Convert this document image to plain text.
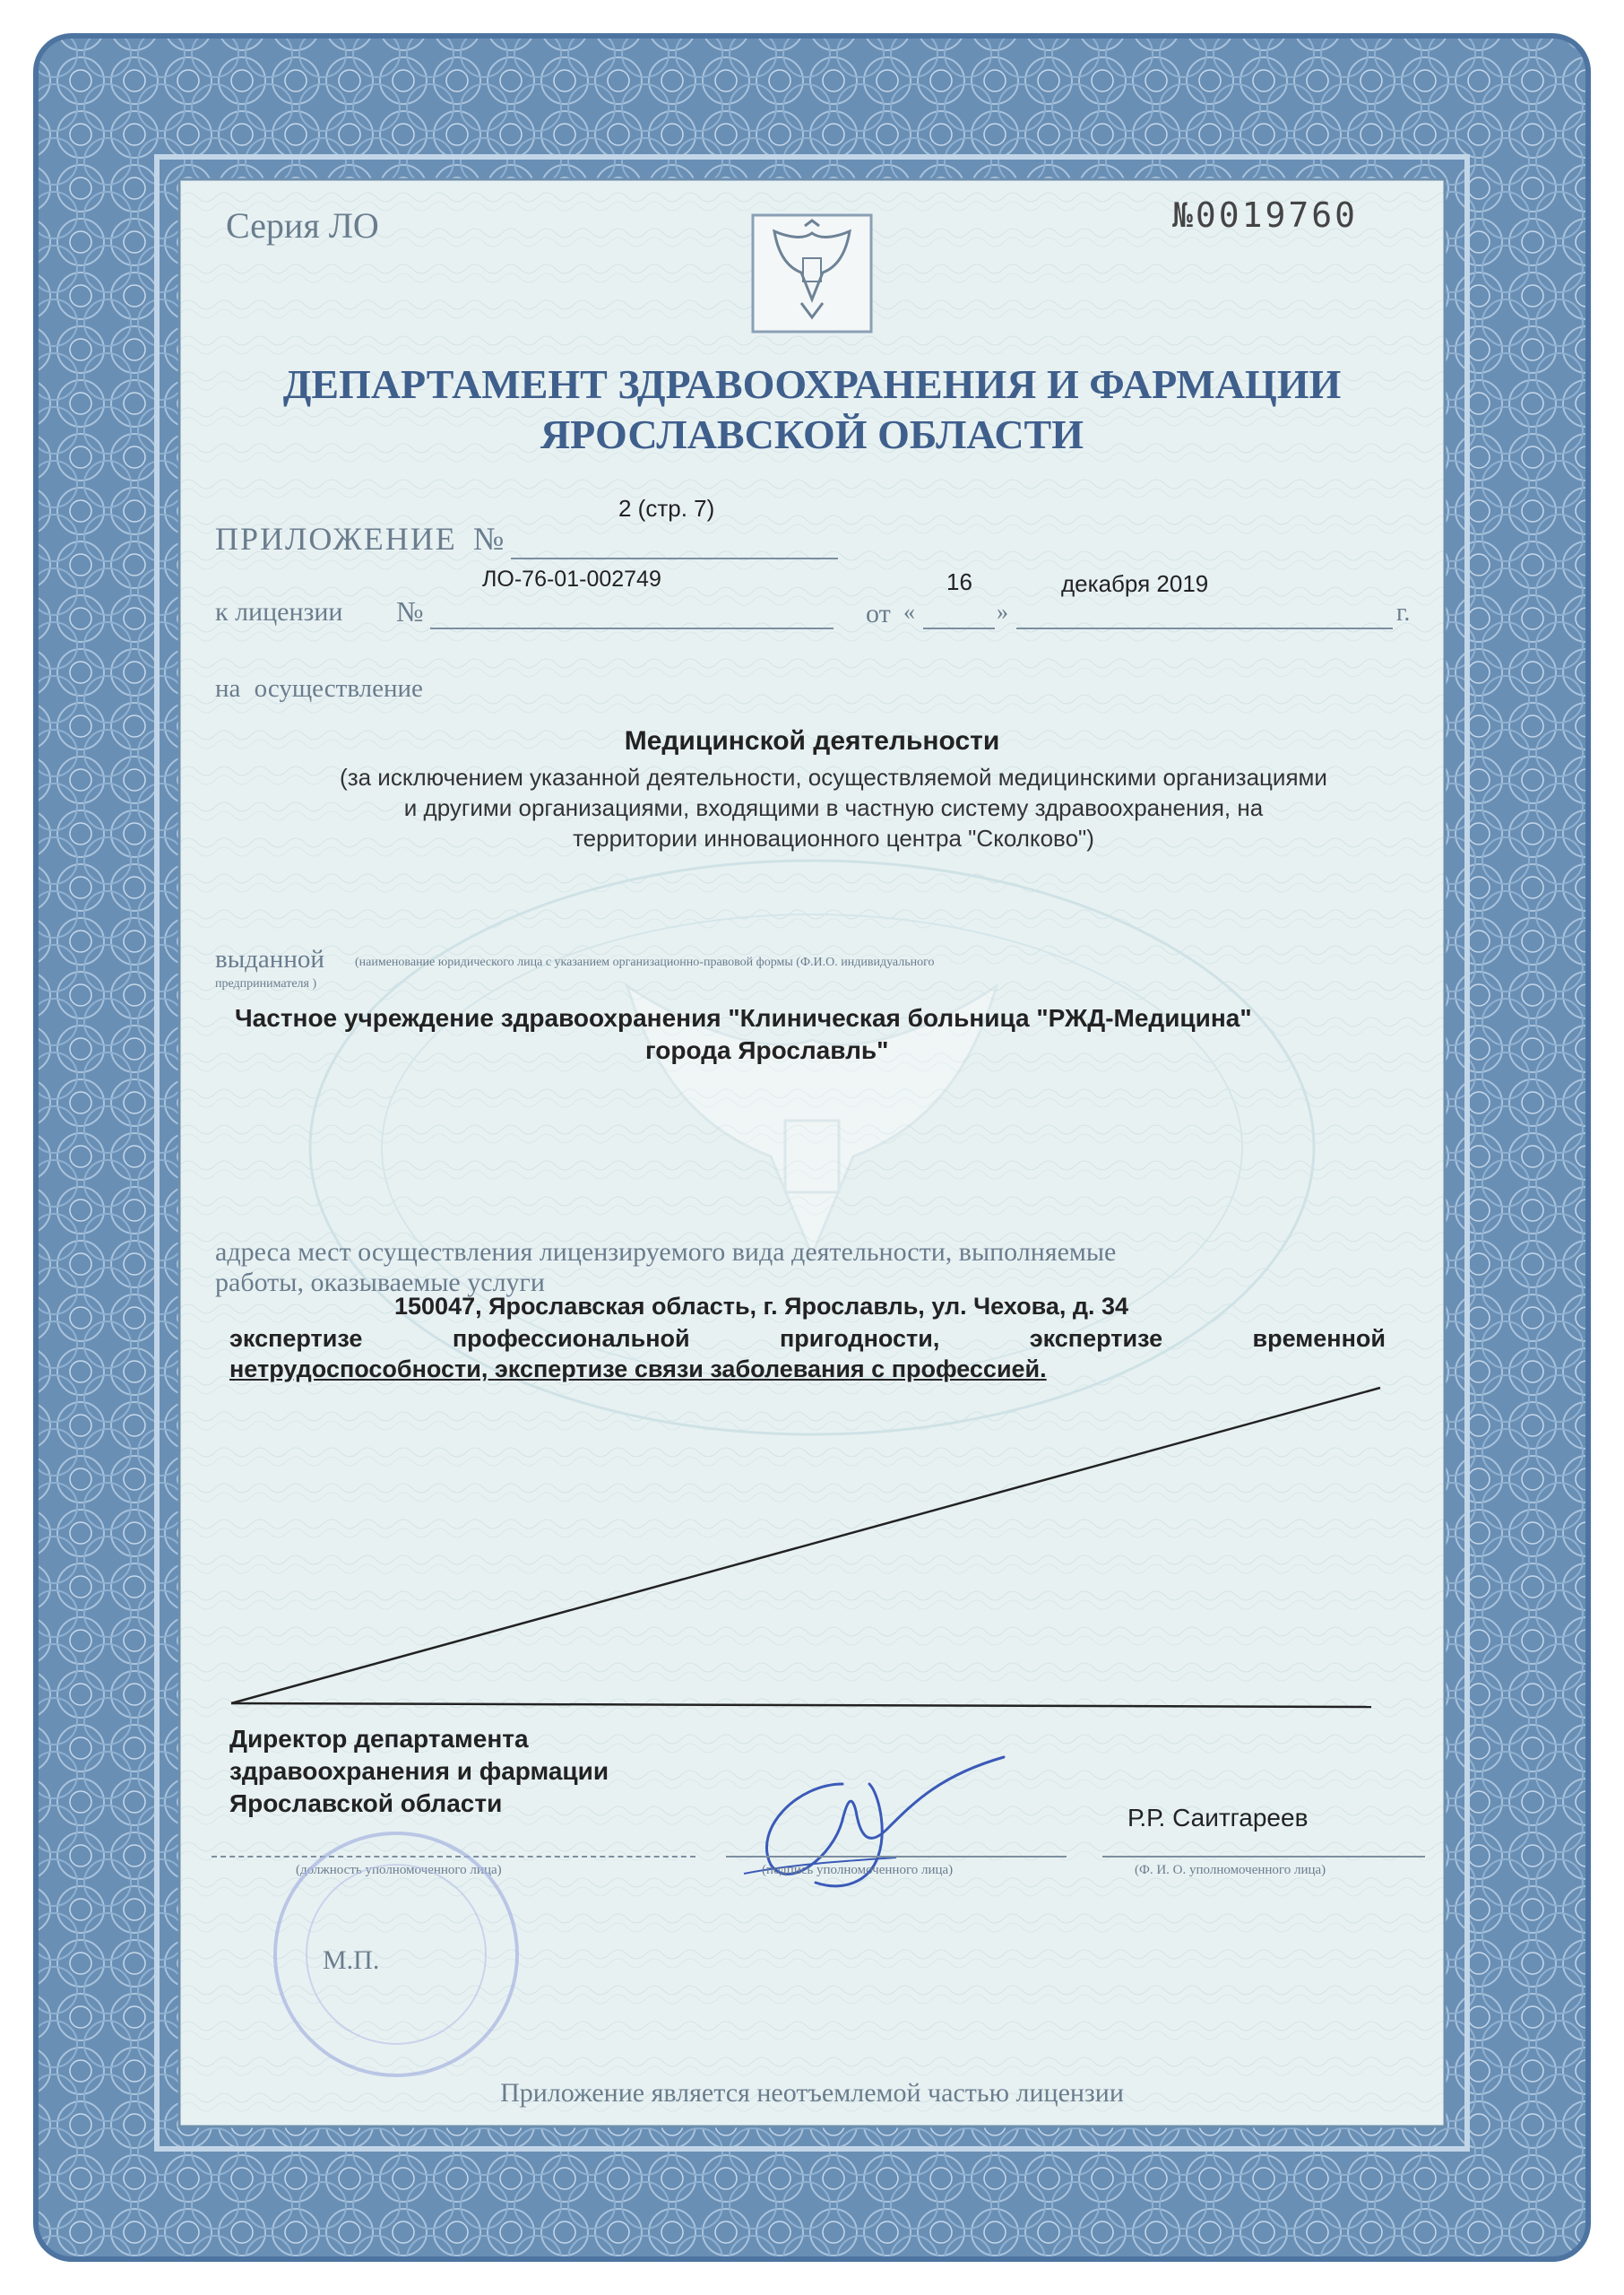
Серия ЛО	№0019760
ДЕПАРТАМЕНТ ЗДРАВООХРАНЕНИЯ И ФАРМАЦИИ
ЯРОСЛАВСКОЙ ОБЛАСТИ
ПРИЛОЖЕНИЕ №
2 (стр. 7)
к лицензии №
ЛО-76-01-002749
от «	»
16	декабря 2019
г.
на осуществление
Медицинской деятельности
(за исключением указанной деятельности, осуществляемой медицинскими организациями
и другими организациями, входящими в частную систему здравоохранения, на
территории инновационного центра "Сколково")
выданной (наименование юридического лица с указанием организационно-правовой формы (Ф.И.О. индивидуального
предпринимателя )
Частное учреждение здравоохранения "Клиническая больница "РЖД-Медицина"
города Ярославль"
адреса мест осуществления лицензируемого вида деятельности, выполняемые
работы, оказываемые услуги
150047, Ярославская область, г. Ярославль, ул. Чехова, д. 34
экспертизе	профессиональной	пригодности,	экспертизе	временной
нетрудоспособности, экспертизе связи заболевания с профессией.
Директор департамента
здравоохранения и фармации
Ярославской области
Р.Р. Саитгареев
(должность уполномоченного лица)	(подпись уполномоченного лица)	(Ф. И. О. уполномоченного лица)
М.П.
Приложение является неотъемлемой частью лицензии
